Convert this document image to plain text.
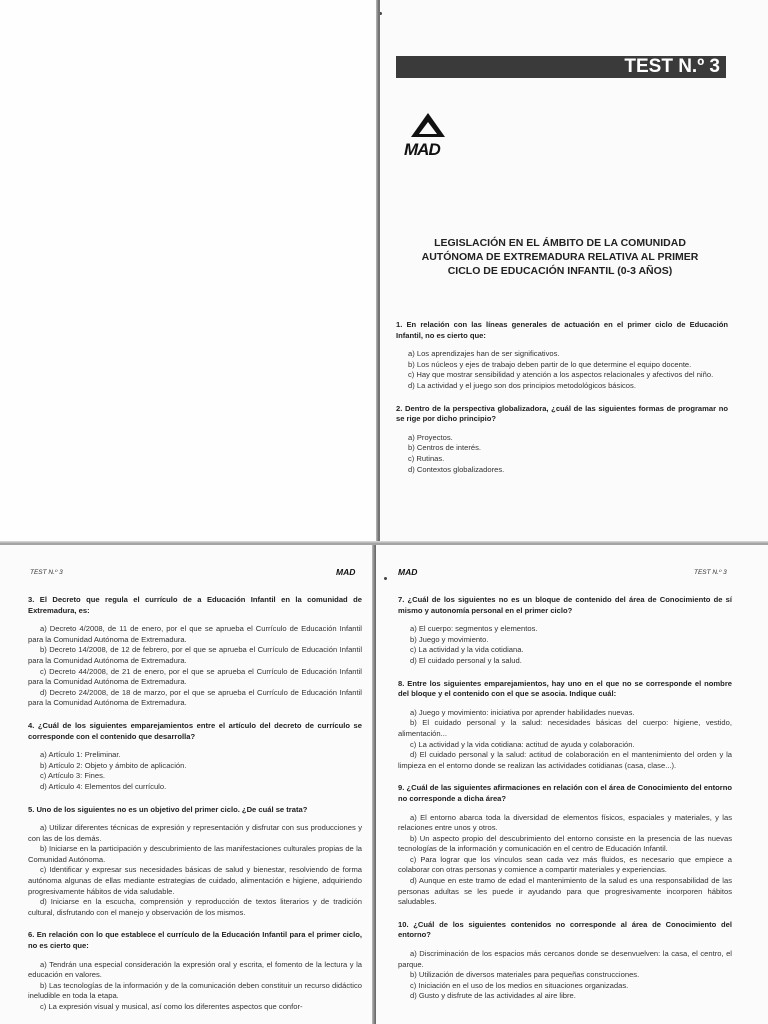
TEST N.º 3
MAD
LEGISLACIÓN EN EL ÁMBITO DE LA COMUNIDAD
AUTÓNOMA DE EXTREMADURA RELATIVA AL PRIMER
CICLO DE EDUCACIÓN INFANTIL (0-3 AÑOS)
1. En relación con las líneas generales de actuación en el primer ciclo de Educación Infantil, no es cierto que:
a) Los aprendizajes han de ser significativos.
b) Los núcleos y ejes de trabajo deben partir de lo que determine el equipo docente.
c) Hay que mostrar sensibilidad y atención a los aspectos relacionales y afectivos del niño.
d) La actividad y el juego son dos principios metodológicos básicos.
2. Dentro de la perspectiva globalizadora, ¿cuál de las siguientes formas de programar no se rige por dicho principio?
a) Proyectos.
b) Centros de interés.
c) Rutinas.
d) Contextos globalizadores.
TEST N.º 3	MAD
3. El Decreto que regula el currículo de a Educación Infantil en la comunidad de Extremadura, es:
a) Decreto 4/2008, de 11 de enero, por el que se aprueba el Currículo de Educación Infantil para la Comunidad Autónoma de Extremadura.
b) Decreto 14/2008, de 12 de febrero, por el que se aprueba el Currículo de Educación Infantil para la Comunidad Autónoma de Extremadura.
c) Decreto 44/2008, de 21 de enero, por el que se aprueba el Currículo de Educación Infantil para la Comunidad Autónoma de Extremadura.
d) Decreto 24/2008, de 18 de marzo, por el que se aprueba el Currículo de Educación Infantil para la Comunidad Autónoma de Extremadura.
4. ¿Cuál de los siguientes emparejamientos entre el artículo del decreto de currículo se corresponde con el contenido que desarrolla?
a) Artículo 1: Preliminar.
b) Artículo 2: Objeto y ámbito de aplicación.
c) Artículo 3: Fines.
d) Artículo 4: Elementos del currículo.
5. Uno de los siguientes no es un objetivo del primer ciclo. ¿De cuál se trata?
a) Utilizar diferentes técnicas de expresión y representación y disfrutar con sus producciones y con las de los demás.
b) Iniciarse en la participación y descubrimiento de las manifestaciones culturales propias de la Comunidad Autónoma.
c) Identificar y expresar sus necesidades básicas de salud y bienestar, resolviendo de forma autónoma algunas de ellas mediante estrategias de cuidado, alimentación e higiene, adquiriendo progresivamente hábitos de vida saludable.
d) Iniciarse en la escucha, comprensión y reproducción de textos literarios y de tradición cultural, disfrutando con el manejo y observación de los mismos.
6. En relación con lo que establece el currículo de la Educación Infantil para el primer ciclo, no es cierto que:
a) Tendrán una especial consideración la expresión oral y escrita, el fomento de la lectura y la educación en valores.
b) Las tecnologías de la información y de la comunicación deben constituir un recurso didáctico ineludible en toda la etapa.
c) La expresión visual y musical, así como los diferentes aspectos que confor-
MAD	TEST N.º 3
7. ¿Cuál de los siguientes no es un bloque de contenido del área de Conocimiento de sí mismo y autonomía personal en el primer ciclo?
a) El cuerpo: segmentos y elementos.
b) Juego y movimiento.
c) La actividad y la vida cotidiana.
d) El cuidado personal y la salud.
8. Entre los siguientes emparejamientos, hay uno en el que no se corresponde el nombre del bloque y el contenido con el que se asocia. Indique cuál:
a) Juego y movimiento: iniciativa por aprender habilidades nuevas.
b) El cuidado personal y la salud: necesidades básicas del cuerpo: higiene, vestido, alimentación...
c) La actividad y la vida cotidiana: actitud de ayuda y colaboración.
d) El cuidado personal y la salud: actitud de colaboración en el mantenimiento del orden y la limpieza en el entorno donde se realizan las actividades cotidianas (casa, clase...).
9. ¿Cuál de las siguientes afirmaciones en relación con el área de Conocimiento del entorno no corresponde a dicha área?
a) El entorno abarca toda la diversidad de elementos físicos, espaciales y materiales, y las relaciones entre unos y otros.
b) Un aspecto propio del descubrimiento del entorno consiste en la presencia de las nuevas tecnologías de la información y comunicación en el centro de Educación Infantil.
c) Para lograr que los vínculos sean cada vez más fluidos, es necesario que empiece a colaborar con otras personas y comience a compartir materiales y experiencias.
d) Aunque en este tramo de edad el mantenimiento de la salud es una responsabilidad de las personas adultas se les puede ir ayudando para que progresivamente incorporen hábitos saludables.
10. ¿Cuál de los siguientes contenidos no corresponde al área de Conocimiento del entorno?
a) Discriminación de los espacios más cercanos donde se desenvuelven: la casa, el centro, el parque.
b) Utilización de diversos materiales para pequeñas construcciones.
c) Iniciación en el uso de los medios en situaciones organizadas.
d) Gusto y disfrute de las actividades al aire libre.
